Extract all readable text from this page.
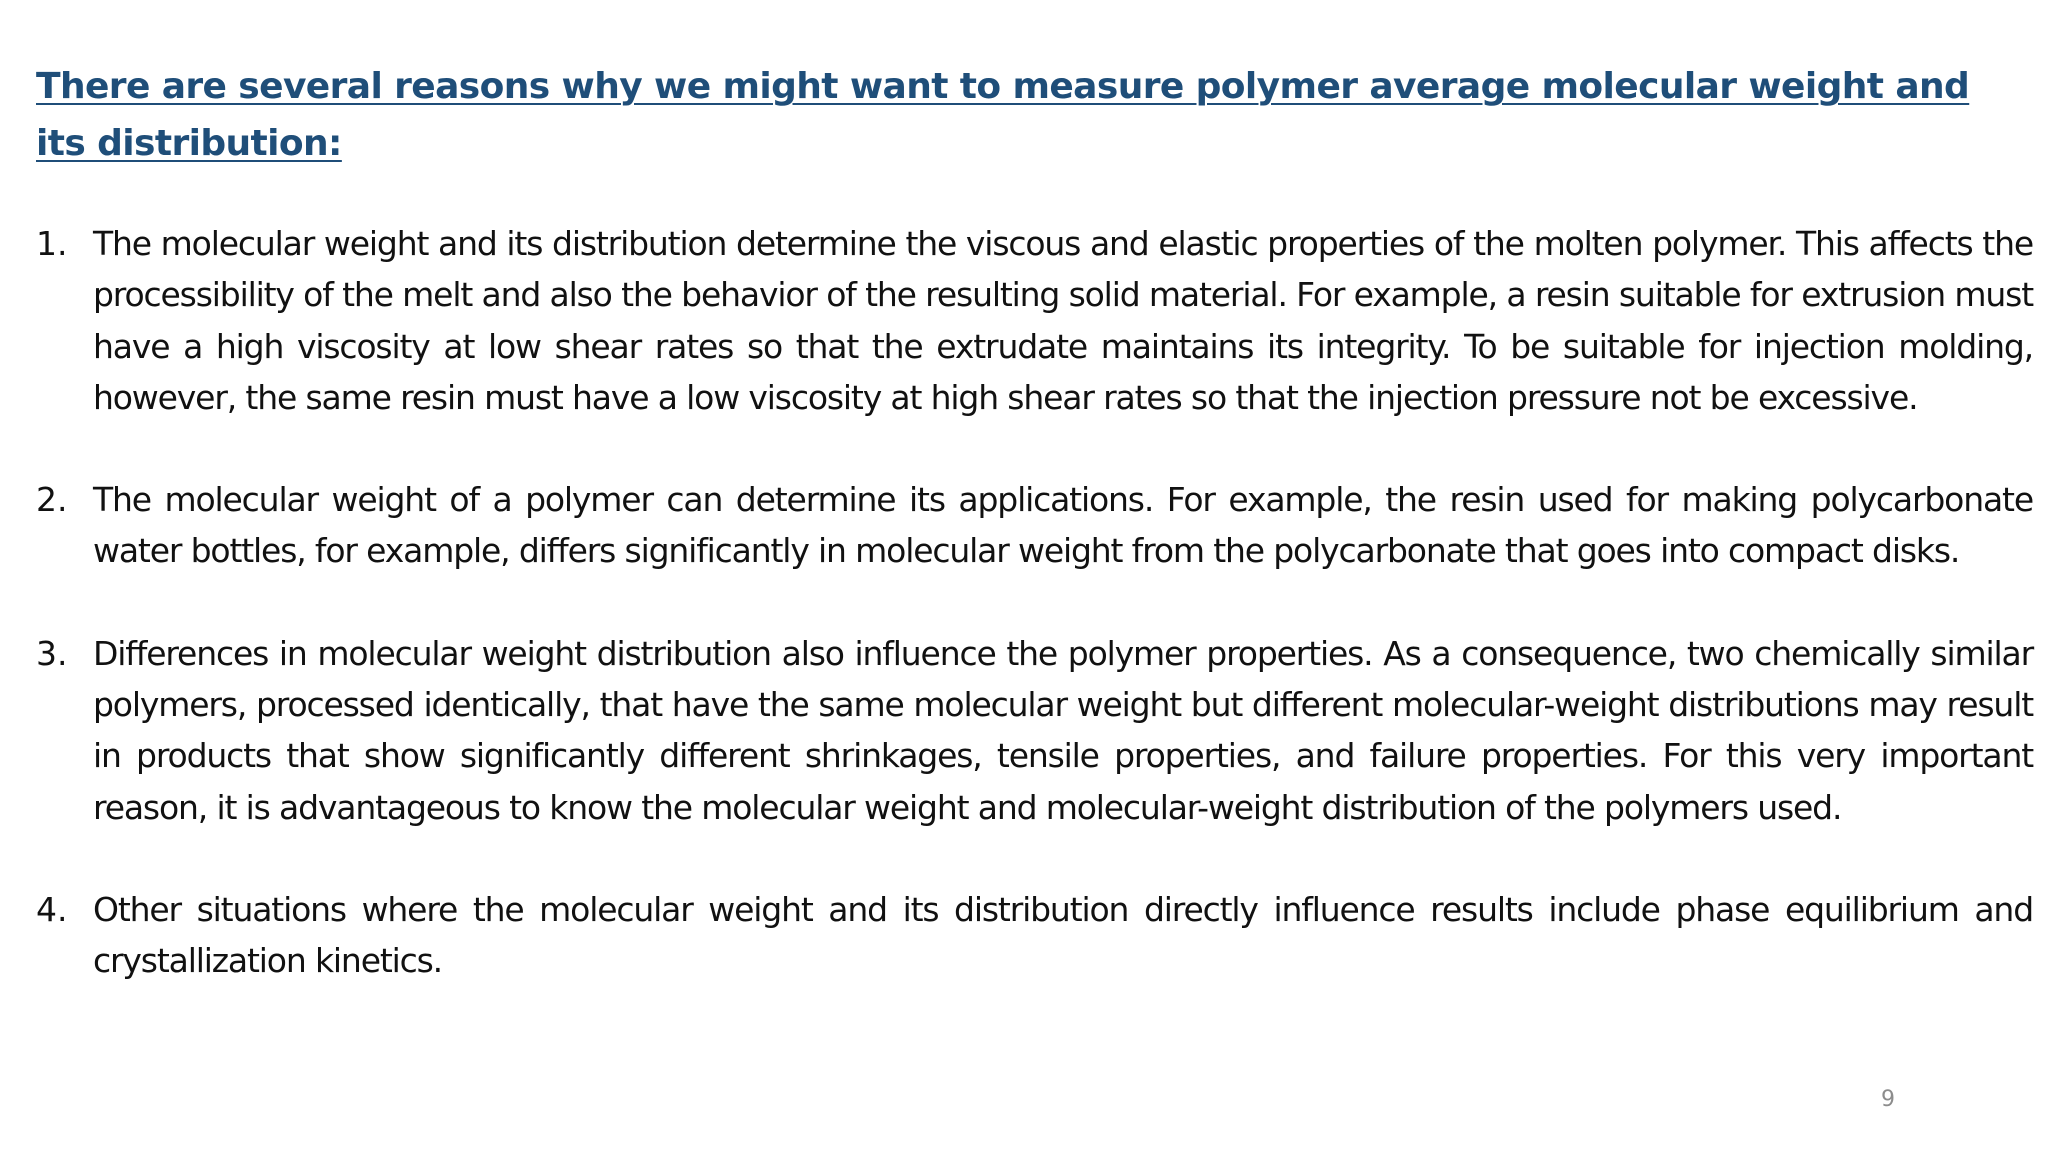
There are several reasons why we might want to measure polymer average molecular weight and its distribution:
1. The molecular weight and its distribution determine the viscous and elastic properties of the molten polymer. This affects the processibility of the melt and also the behavior of the resulting solid material. For example, a resin suitable for extrusion must have a high viscosity at low shear rates so that the extrudate maintains its integrity. To be suitable for injection molding, however, the same resin must have a low viscosity at high shear rates so that the injection pressure not be excessive.
2. The molecular weight of a polymer can determine its applications. For example, the resin used for making polycarbonate water bottles, for example, differs significantly in molecular weight from the polycarbonate that goes into compact disks.
3. Differences in molecular weight distribution also influence the polymer properties. As a consequence, two chemically similar polymers, processed identically, that have the same molecular weight but different molecular-weight distributions may result in products that show significantly different shrinkages, tensile properties, and failure properties. For this very important reason, it is advantageous to know the molecular weight and molecular-weight distribution of the polymers used.
4. Other situations where the molecular weight and its distribution directly influence results include phase equilibrium and crystallization kinetics.
9
